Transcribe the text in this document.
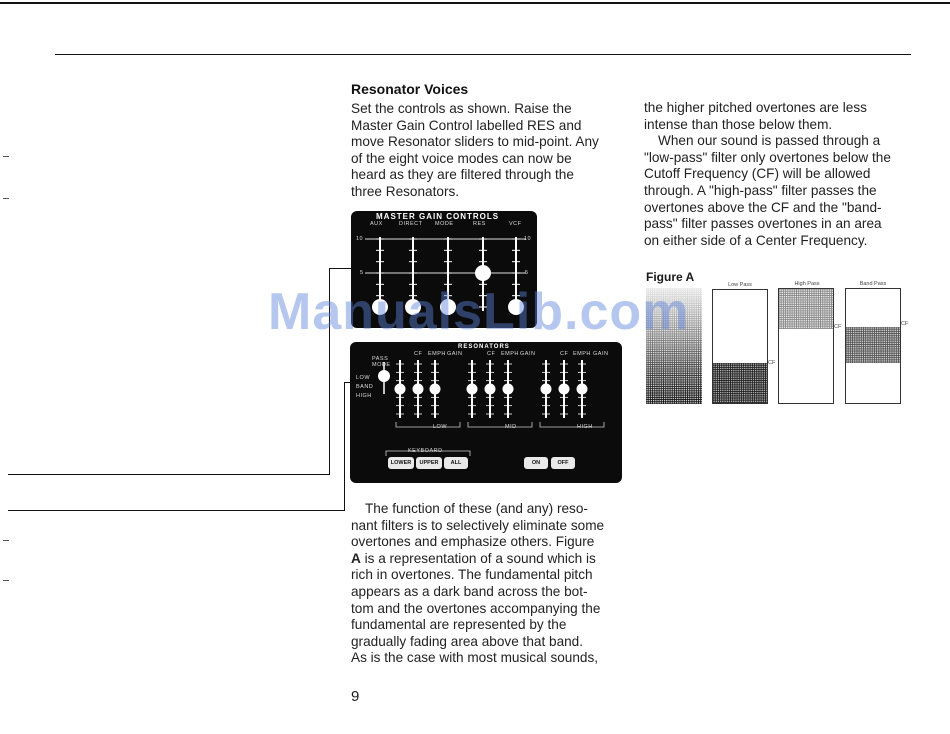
Resonator Voices

Set the controls as shown. Raise the

Master Gain Control labelled RES and

move Resonator sliders to mid-point. Any

of the eight voice modes can now be

heard as they are filtered through the

three Resonators.

MASTER GAIN CONTROLS
AUX	DIRECT MODE	RES	VCF
10
5
10
5
RESONATORS
PASS MODE
LOW
BAND
HIGH
CF EMPH GAIN	CF EMPH GAIN	CF EMPH GAIN
LOW	MID	HIGH
KEYBOARD
LOWER	UPPER	ALL	ON	OFF

The function of these (and any) reso-

nant filters is to selectively eliminate some

overtones and emphasize others. Figure

A is a representation of a sound which is

rich in overtones. The fundamental pitch

appears as a dark band across the bot-

tom and the overtones accompanying the

fundamental are represented by the

gradually fading area above that band.

As is the case with most musical sounds,

the higher pitched overtones are less

intense than those below them.

When our sound is passed through a

"low-pass" filter only overtones below the

Cutoff Frequency (CF) will be allowed

through. A "high-pass" filter passes the

overtones above the CF and the "band-

pass" filter passes overtones in an area

on either side of a Center Frequency.

Figure A
Low Pass
CF
High Pass
CF
Band Pass
CF
9
ManualsLib.com
